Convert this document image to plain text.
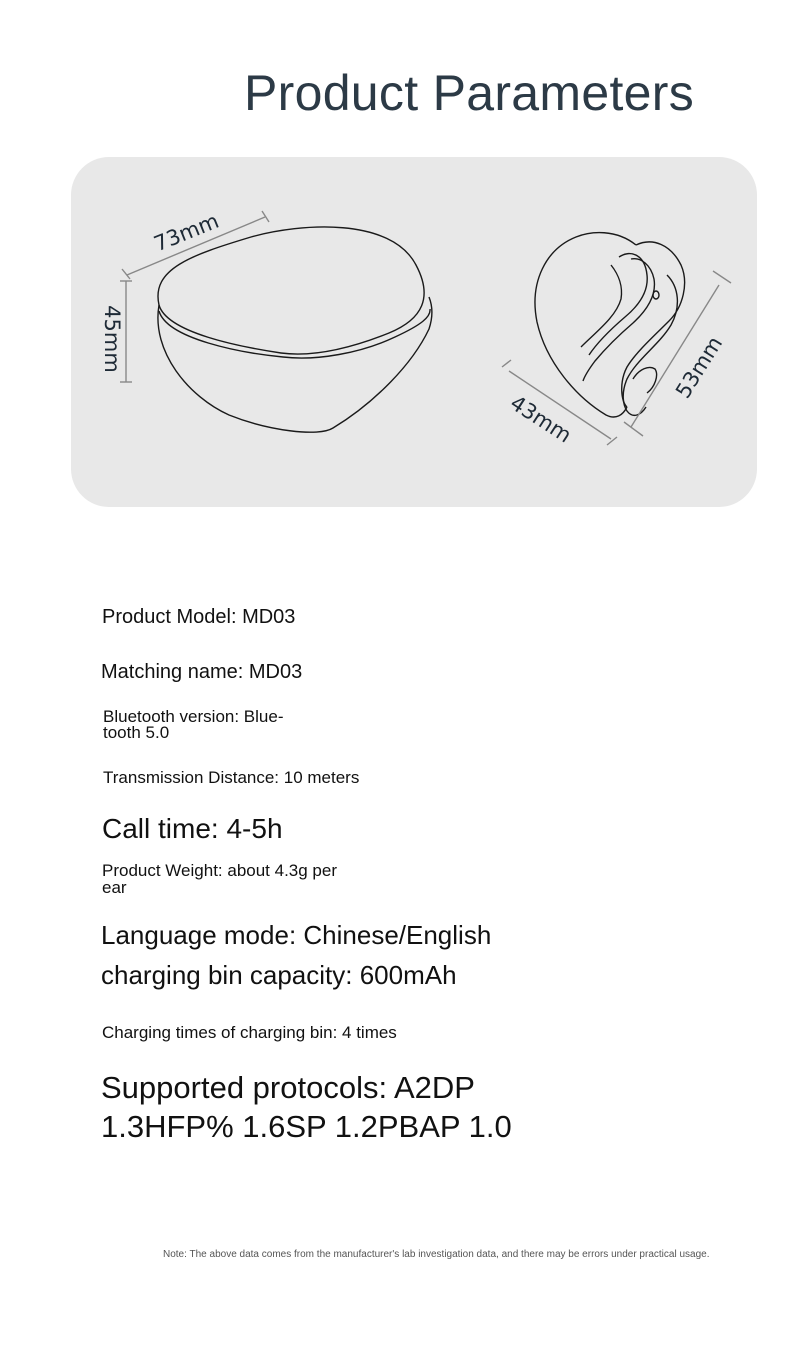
Product Parameters
73mm
45mm
43mm
53mm
Product Model: MD03
Matching name: MD03
Bluetooth version: Blue-tooth 5.0
Transmission Distance: 10 meters
Call time: 4-5h
Product Weight: about 4.3g per ear
Language mode: Chinese/English
charging bin capacity: 600mAh
Charging times of charging bin: 4 times
Supported protocols: A2DP 1.3HFP% 1.6SP 1.2PBAP 1.0
Note: The above data comes from the manufacturer's lab investigation data, and there may be errors under practical usage.
